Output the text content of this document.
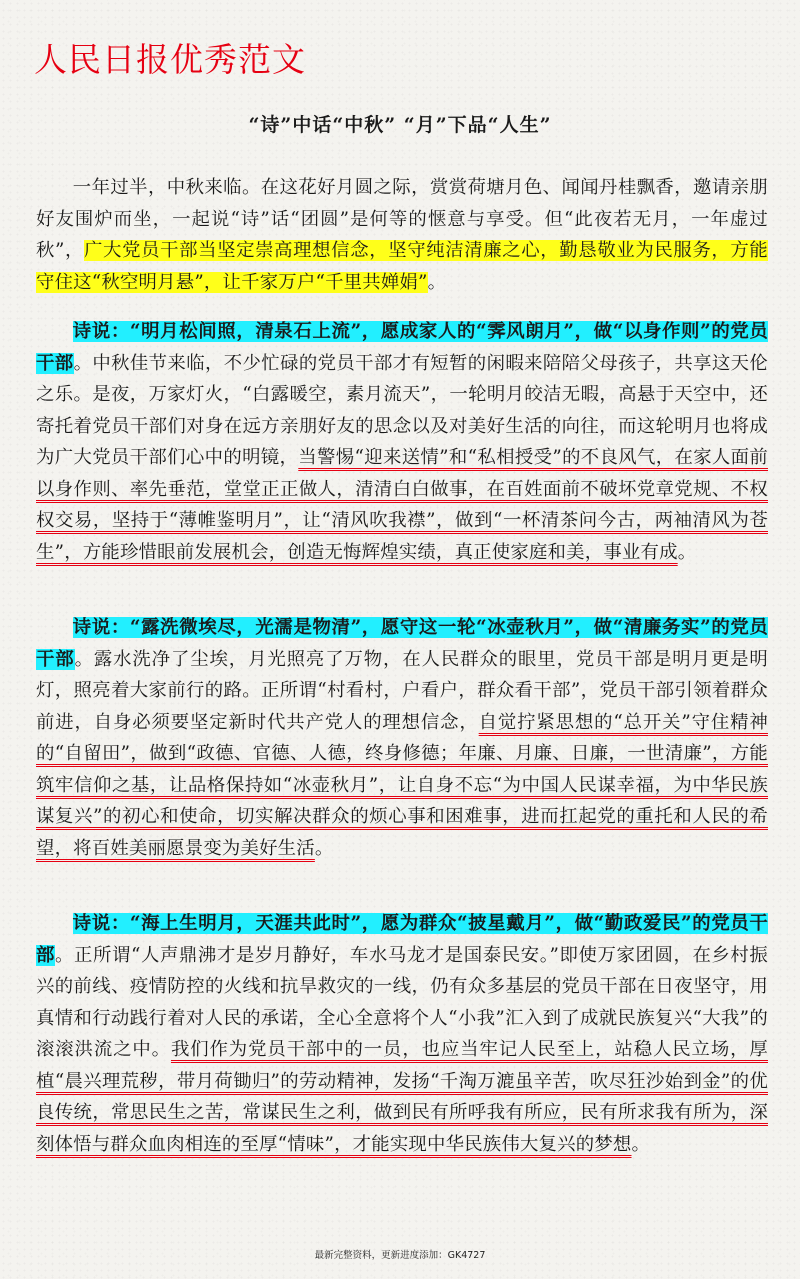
人民日报优秀范文
“诗”中话“中秋” “月”下品“人生”

一年过半，中秋来临。在这花好月圆之际，赏赏荷塘月色、闻闻丹桂飘香，邀请亲朋好友围炉而坐，一起说“诗”话“团圆”是何等的惬意与享受。但“此夜若无月，一年虚过秋”，广大党员干部当坚定崇高理想信念，坚守纯洁清廉之心，勤恳敬业为民服务，方能守住这“秋空明月悬”，让千家万户“千里共婵娟”。

诗说：“明月松间照，清泉石上流”，愿成家人的“霁风朗月”，做“以身作则”的党员干部。中秋佳节来临，不少忙碌的党员干部才有短暂的闲暇来陪陪父母孩子，共享这天伦之乐。是夜，万家灯火，“白露暖空，素月流天”，一轮明月皎洁无暇，高悬于天空中，还寄托着党员干部们对身在远方亲朋好友的思念以及对美好生活的向往，而这轮明月也将成为广大党员干部们心中的明镜，当警惕“迎来送情”和“私相授受”的不良风气，在家人面前以身作则、率先垂范，堂堂正正做人，清清白白做事，在百姓面前不破坏党章党规、不权权交易，坚持于“薄帷鉴明月”，让“清风吹我襟”，做到“一杯清茶问今古，两袖清风为苍生”，方能珍惜眼前发展机会，创造无悔辉煌实绩，真正使家庭和美，事业有成。

诗说：“露洗微埃尽，光濡是物清”，愿守这一轮“冰壶秋月”，做“清廉务实”的党员干部。露水洗净了尘埃，月光照亮了万物，在人民群众的眼里，党员干部是明月更是明灯，照亮着大家前行的路。正所谓“村看村，户看户，群众看干部”，党员干部引领着群众前进，自身必须要坚定新时代共产党人的理想信念，自觉拧紧思想的“总开关”守住精神的“自留田”，做到“政德、官德、人德，终身修德；年廉、月廉、日廉，一世清廉”，方能筑牢信仰之基，让品格保持如“冰壶秋月”，让自身不忘“为中国人民谋幸福，为中华民族谋复兴”的初心和使命，切实解决群众的烦心事和困难事，进而扛起党的重托和人民的希望，将百姓美丽愿景变为美好生活。

诗说：“海上生明月，天涯共此时”，愿为群众“披星戴月”，做“勤政爱民”的党员干部。正所谓“人声鼎沸才是岁月静好，车水马龙才是国泰民安。”即使万家团圆，在乡村振兴的前线、疫情防控的火线和抗旱救灾的一线，仍有众多基层的党员干部在日夜坚守，用真情和行动践行着对人民的承诺，全心全意将个人“小我”汇入到了成就民族复兴“大我”的滚滚洪流之中。我们作为党员干部中的一员，也应当牢记人民至上，站稳人民立场，厚植“晨兴理荒秽，带月荷锄归”的劳动精神，发扬“千淘万漉虽辛苦，吹尽狂沙始到金”的优良传统，常思民生之苦，常谋民生之利，做到民有所呼我有所应，民有所求我有所为，深刻体悟与群众血肉相连的至厚“情味”，才能实现中华民族伟大复兴的梦想。

最新完整资料，更新进度添加：GK4727
